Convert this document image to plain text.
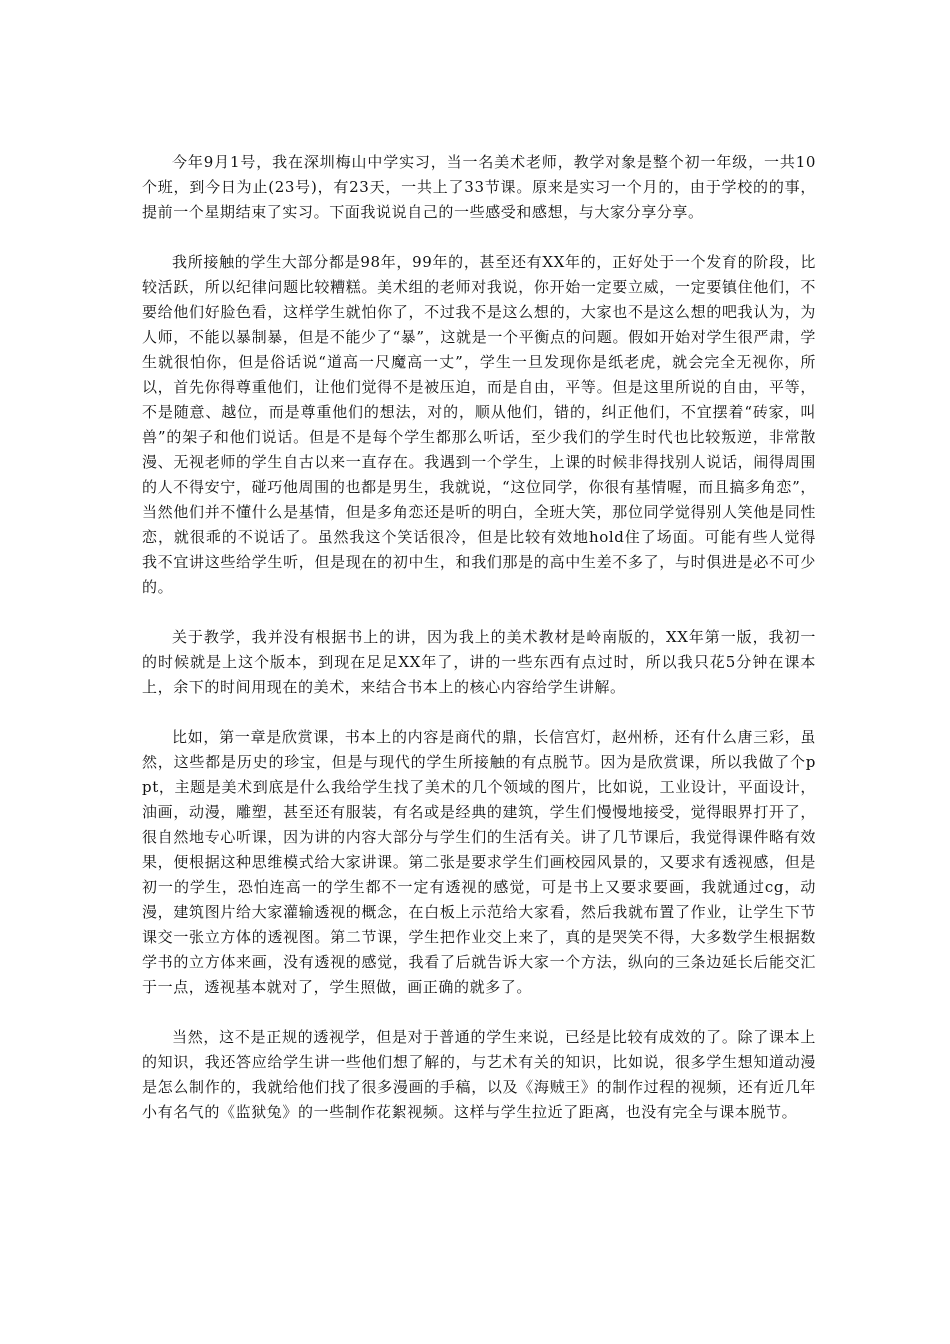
今年9月1号，我在深圳梅山中学实习，当一名美术老师，教学对象是整个初一年级，一共10个班，到今日为止(23号)，有23天，一共上了33节课。原来是实习一个月的，由于学校的的事，提前一个星期结束了实习。下面我说说自己的一些感受和感想，与大家分享分享。

我所接触的学生大部分都是98年，99年的，甚至还有XX年的，正好处于一个发育的阶段，比较活跃，所以纪律问题比较糟糕。美术组的老师对我说，你开始一定要立威，一定要镇住他们，不要给他们好脸色看，这样学生就怕你了，不过我不是这么想的，大家也不是这么想的吧我认为，为人师，不能以暴制暴，但是不能少了“暴”，这就是一个平衡点的问题。假如开始对学生很严肃，学生就很怕你，但是俗话说“道高一尺魔高一丈”，学生一旦发现你是纸老虎，就会完全无视你，所以，首先你得尊重他们，让他们觉得不是被压迫，而是自由，平等。但是这里所说的自由，平等，不是随意、越位，而是尊重他们的想法，对的，顺从他们，错的，纠正他们，不宜摆着“砖家，叫兽”的架子和他们说话。但是不是每个学生都那么听话，至少我们的学生时代也比较叛逆，非常散漫、无视老师的学生自古以来一直存在。我遇到一个学生，上课的时候非得找别人说话，闹得周围的人不得安宁，碰巧他周围的也都是男生，我就说，“这位同学，你很有基情喔，而且搞多角恋”，当然他们并不懂什么是基情，但是多角恋还是听的明白，全班大笑，那位同学觉得别人笑他是同性恋，就很乖的不说话了。虽然我这个笑话很冷，但是比较有效地hold住了场面。可能有些人觉得我不宜讲这些给学生听，但是现在的初中生，和我们那是的高中生差不多了，与时俱进是必不可少的。

关于教学，我并没有根据书上的讲，因为我上的美术教材是岭南版的，XX年第一版，我初一的时候就是上这个版本，到现在足足XX年了，讲的一些东西有点过时，所以我只花5分钟在课本上，余下的时间用现在的美术，来结合书本上的核心内容给学生讲解。

比如，第一章是欣赏课，书本上的内容是商代的鼎，长信宫灯，赵州桥，还有什么唐三彩，虽然，这些都是历史的珍宝，但是与现代的学生所接触的有点脱节。因为是欣赏课，所以我做了个ppt，主题是美术到底是什么我给学生找了美术的几个领域的图片，比如说，工业设计，平面设计，油画，动漫，雕塑，甚至还有服装，有名或是经典的建筑，学生们慢慢地接受，觉得眼界打开了，很自然地专心听课，因为讲的内容大部分与学生们的生活有关。讲了几节课后，我觉得课件略有效果，便根据这种思维模式给大家讲课。第二张是要求学生们画校园风景的，又要求有透视感，但是初一的学生，恐怕连高一的学生都不一定有透视的感觉，可是书上又要求要画，我就通过cg，动漫，建筑图片给大家灌输透视的概念，在白板上示范给大家看，然后我就布置了作业，让学生下节课交一张立方体的透视图。第二节课，学生把作业交上来了，真的是哭笑不得，大多数学生根据数学书的立方体来画，没有透视的感觉，我看了后就告诉大家一个方法，纵向的三条边延长后能交汇于一点，透视基本就对了，学生照做，画正确的就多了。

当然，这不是正规的透视学，但是对于普通的学生来说，已经是比较有成效的了。除了课本上的知识，我还答应给学生讲一些他们想了解的，与艺术有关的知识，比如说，很多学生想知道动漫是怎么制作的，我就给他们找了很多漫画的手稿，以及《海贼王》的制作过程的视频，还有近几年小有名气的《监狱兔》的一些制作花絮视频。这样与学生拉近了距离，也没有完全与课本脱节。
